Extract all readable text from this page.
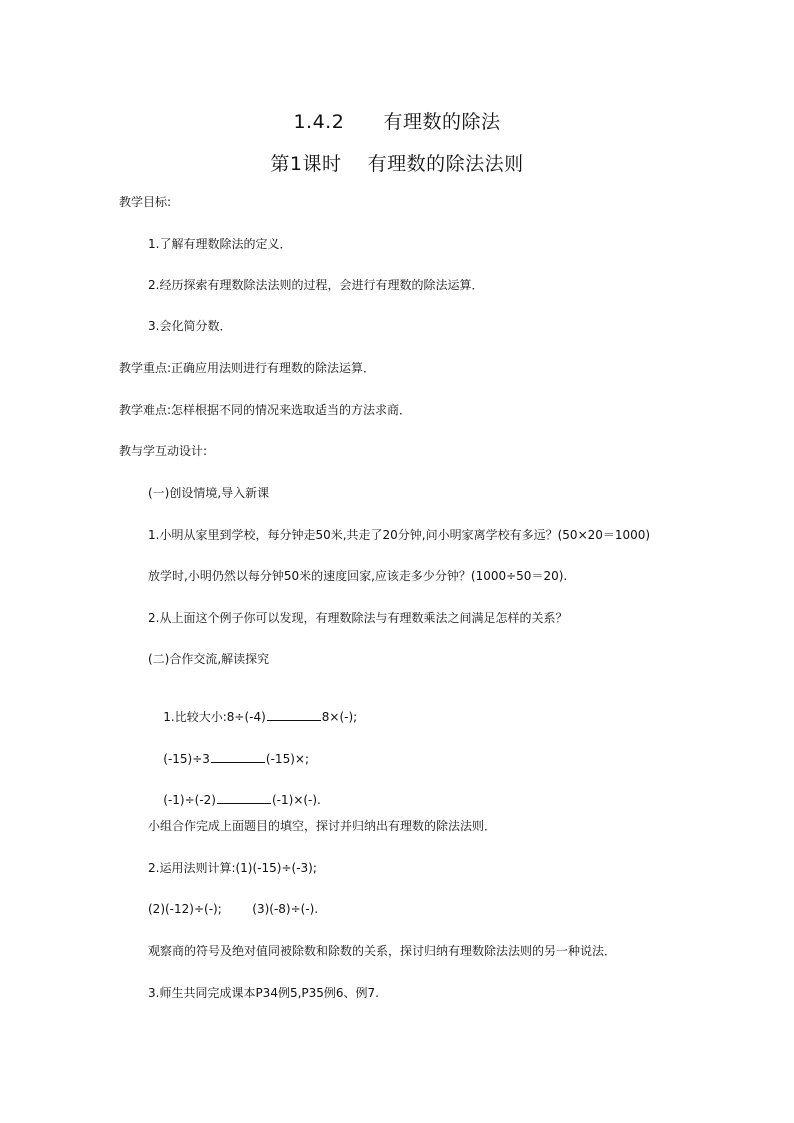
1.4.2      有理数的除法
第1课时    有理数的除法法则
教学目标:
1.了解有理数除法的定义．
2.经历探索有理数除法法则的过程，会进行有理数的除法运算．
3.会化简分数．
教学重点:正确应用法则进行有理数的除法运算．
教学难点:怎样根据不同的情况来选取适当的方法求商．
教与学互动设计:
(一)创设情境,导入新课
1.小明从家里到学校，每分钟走50米,共走了20分钟,问小明家离学校有多远？(50×20＝1000)
放学时,小明仍然以每分钟50米的速度回家,应该走多少分钟？(1000÷50＝20).
2.从上面这个例子你可以发现，有理数除法与有理数乘法之间满足怎样的关系？
(二)合作交流,解读探究

1.比较大小:8÷(-4)	8×(-);

(-15)÷3	(-15)×;

(-1)÷(-2)	(-1)×(-).

小组合作完成上面题目的填空，探讨并归纳出有理数的除法法则．
2.运用法则计算:(1)(-15)÷(-3);
(2)(-12)÷(-);        (3)(-8)÷(-).
观察商的符号及绝对值同被除数和除数的关系，探讨归纳有理数除法法则的另一种说法．
3.师生共同完成课本P34例5,P35例6、例7.
